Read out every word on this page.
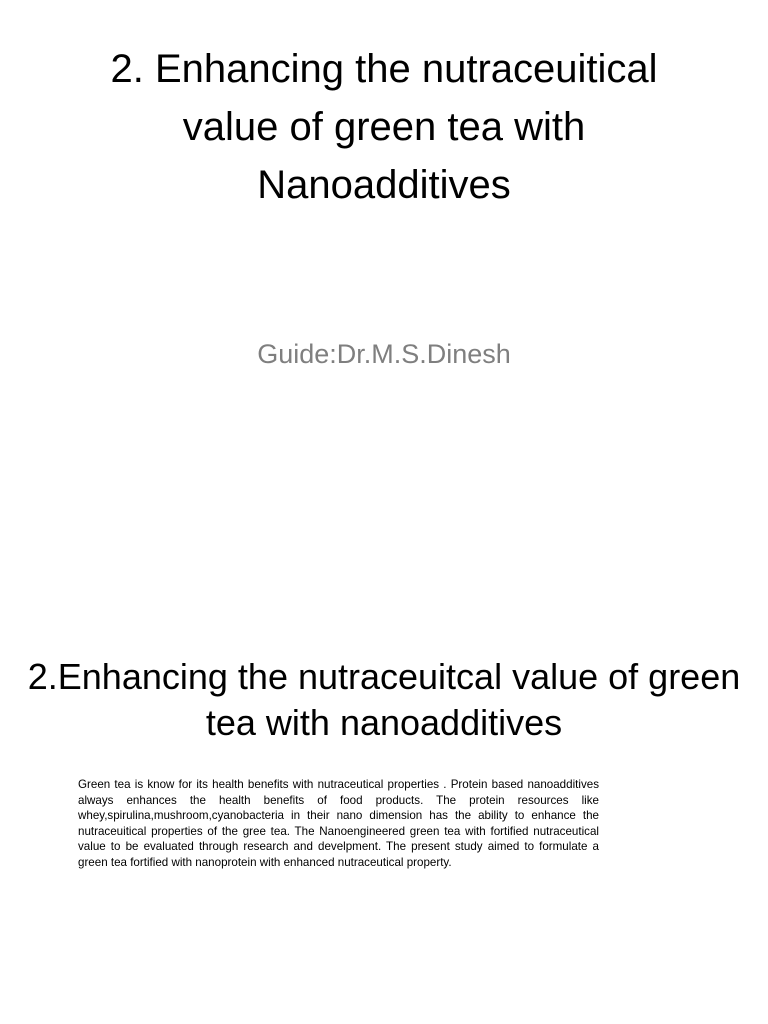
2. Enhancing the nutraceuitical value of green tea with Nanoadditives

Guide:Dr.M.S.Dinesh

2.Enhancing the nutraceuitcal value of green tea with nanoadditives

Green tea is know for its health benefits with nutraceutical properties . Protein based nanoadditives always enhances the health benefits of food products. The protein resources like whey,spirulina,mushroom,cyanobacteria in their nano dimension has the ability to enhance the nutraceuitical properties of the gree tea. The Nanoengineered green tea with fortified nutraceutical value to be evaluated through research and develpment. The present study aimed to formulate a green tea fortified with nanoprotein with enhanced nutraceutical property.
